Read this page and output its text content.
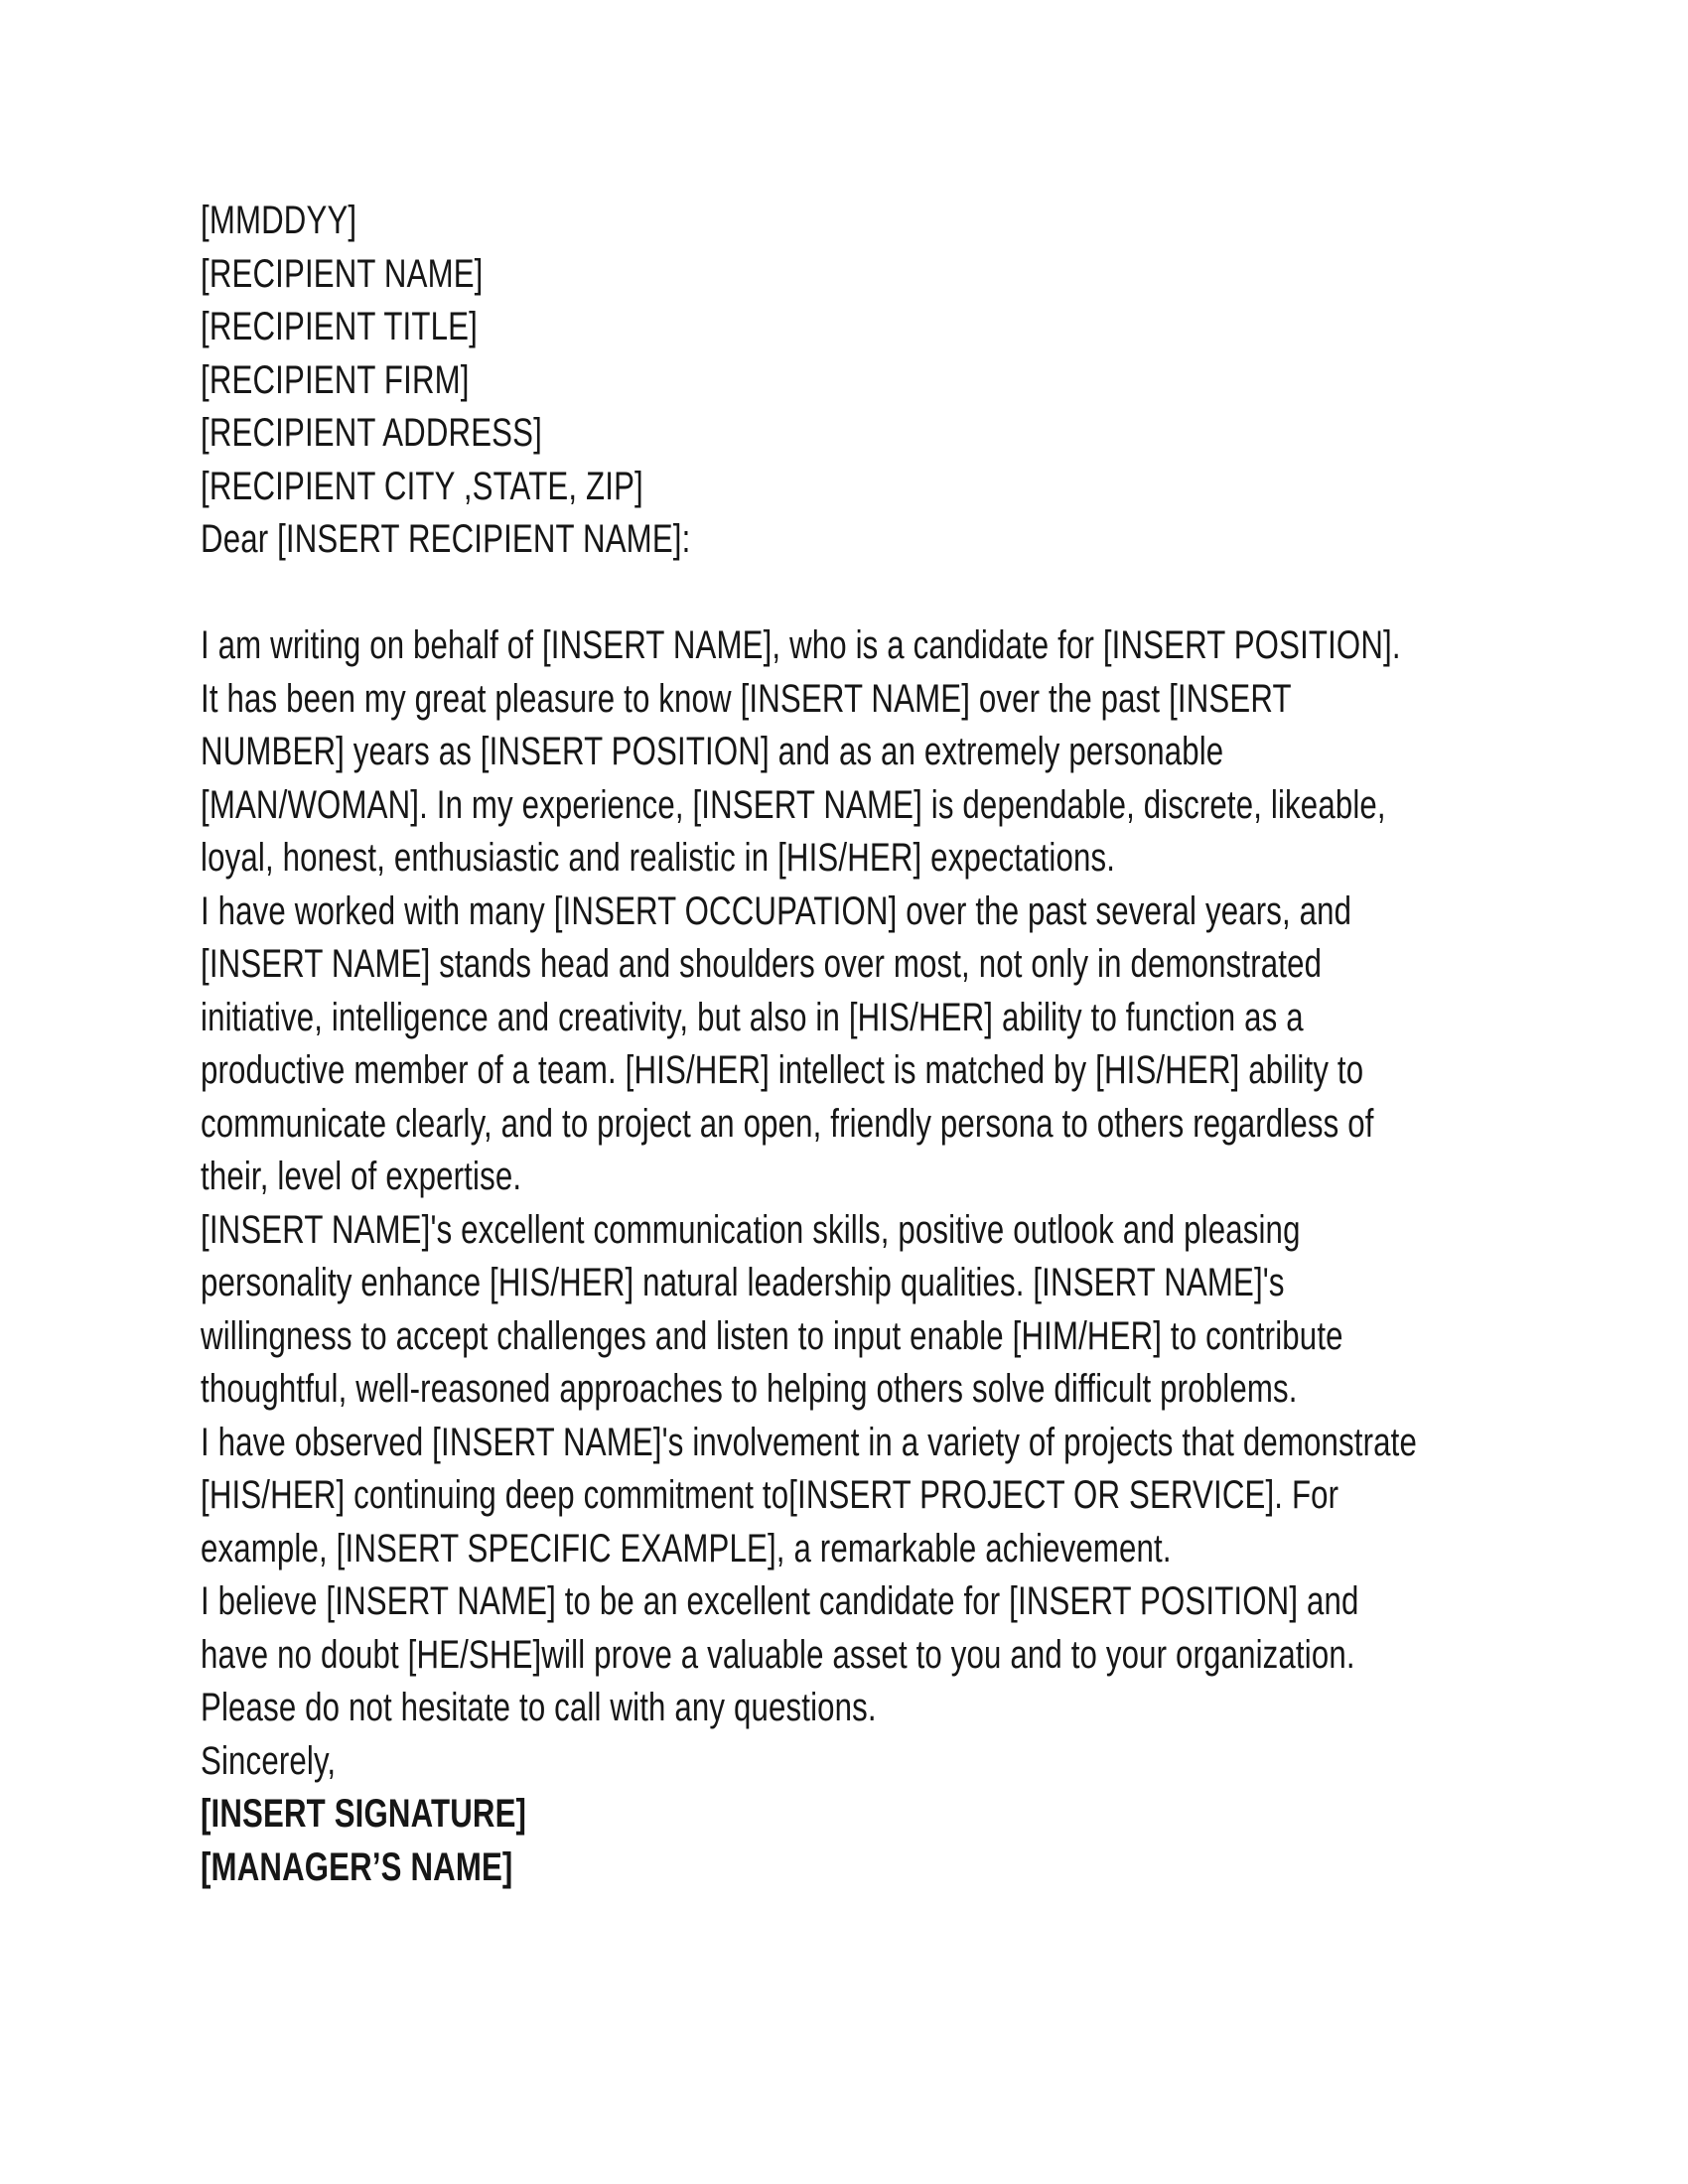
[MMDDYY]
[RECIPIENT NAME]
[RECIPIENT TITLE]
[RECIPIENT FIRM]
[RECIPIENT ADDRESS]
[RECIPIENT CITY ,STATE, ZIP]
Dear [INSERT RECIPIENT NAME]:
I am writing on behalf of [INSERT NAME], who is a candidate for [INSERT POSITION].
It has been my great pleasure to know [INSERT NAME] over the past [INSERT
NUMBER] years as [INSERT POSITION] and as an extremely personable
[MAN/WOMAN]. In my experience, [INSERT NAME] is dependable, discrete, likeable,
loyal, honest, enthusiastic and realistic in [HIS/HER] expectations.
I have worked with many [INSERT OCCUPATION] over the past several years, and
[INSERT NAME] stands head and shoulders over most, not only in demonstrated
initiative, intelligence and creativity, but also in [HIS/HER] ability to function as a
productive member of a team. [HIS/HER] intellect is matched by [HIS/HER] ability to
communicate clearly, and to project an open, friendly persona to others regardless of
their, level of expertise.
[INSERT NAME]'s excellent communication skills, positive outlook and pleasing
personality enhance [HIS/HER] natural leadership qualities. [INSERT NAME]'s
willingness to accept challenges and listen to input enable [HIM/HER] to contribute
thoughtful, well-reasoned approaches to helping others solve difficult problems.
I have observed [INSERT NAME]'s involvement in a variety of projects that demonstrate
[HIS/HER] continuing deep commitment to[INSERT PROJECT OR SERVICE]. For
example, [INSERT SPECIFIC EXAMPLE], a remarkable achievement.
I believe [INSERT NAME] to be an excellent candidate for [INSERT POSITION] and
have no doubt [HE/SHE]will prove a valuable asset to you and to your organization.
Please do not hesitate to call with any questions.
Sincerely,
[INSERT SIGNATURE]
[MANAGER’S NAME]
